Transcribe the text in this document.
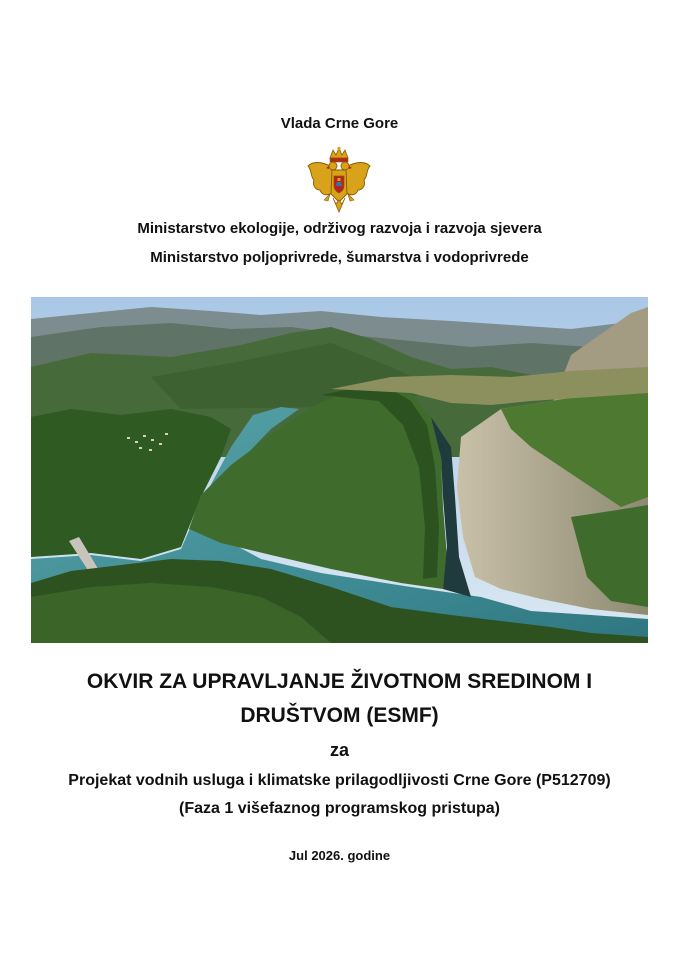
Vlada Crne Gore
Ministarstvo ekologije, održivog razvoja i razvoja sjevera
Ministarstvo poljoprivrede, šumarstva i vodoprivrede
OKVIR ZA UPRAVLJANJE ŽIVOTNOM SREDINOM I
DRUŠTVOM (ESMF)
za
Projekat vodnih usluga i klimatske prilagodljivosti Crne Gore (P512709)
(Faza 1 višefaznog programskog pristupa)
Jul 2026. godine
